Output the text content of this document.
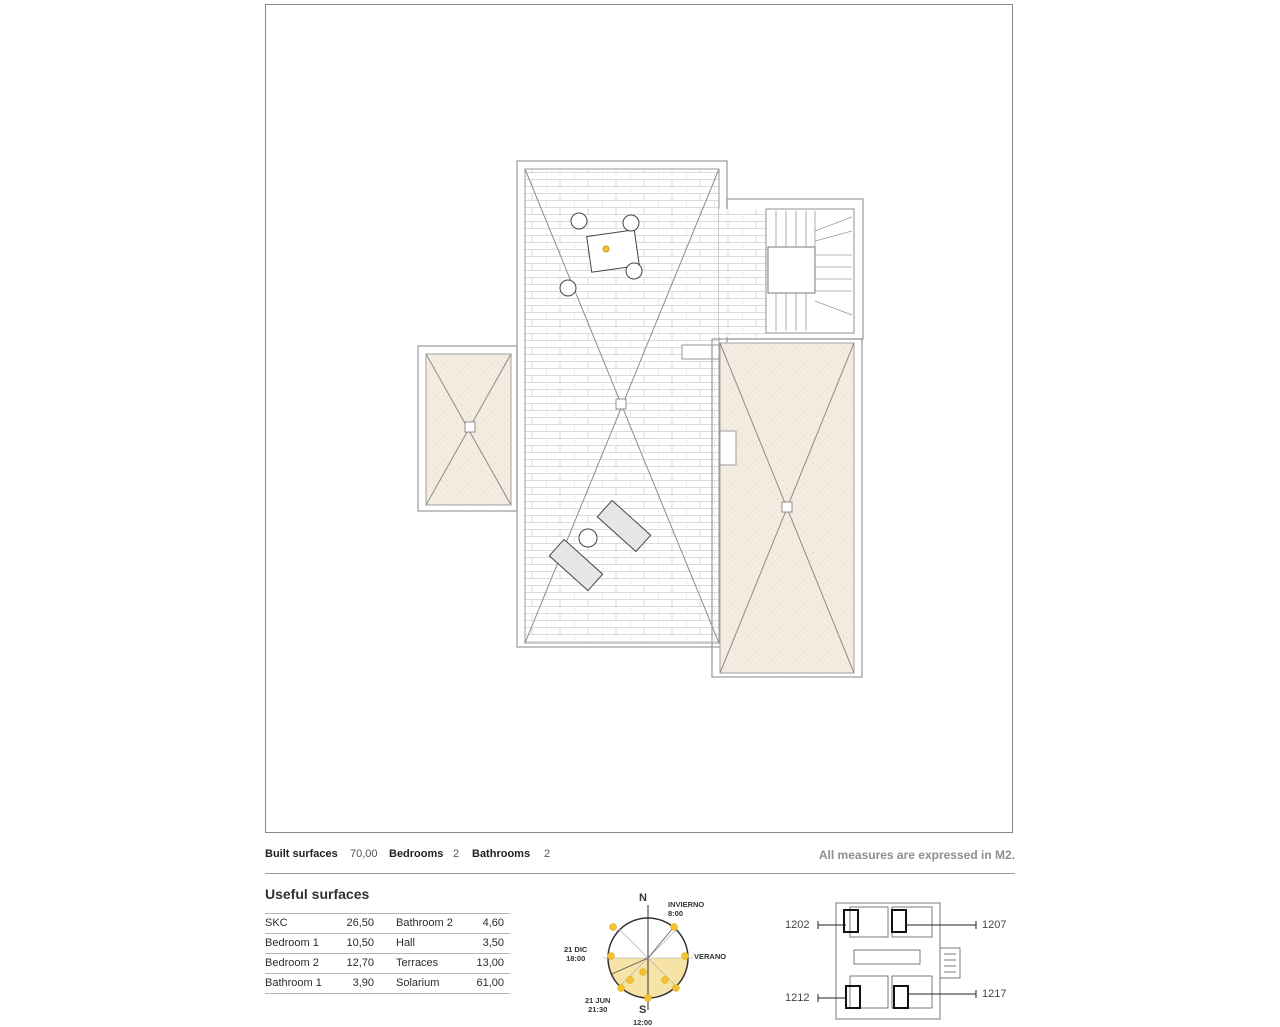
Built surfaces 70,00 Bedrooms 2 Bathrooms 2	All measures are expressed in M2.
Useful surfaces
SKC	26,50 Bathroom 2	4,60
Bedroom 1	10,50 Hall	3,50
Bedroom 2	12,70 Terraces	13,00
Bathroom 1	3,90 Solarium	61,00
N
S
INVIERNO
8:00
VERANO
21 DIC
18:00
21 JUN
21:30
12:00
1202	1207
1212	1217
